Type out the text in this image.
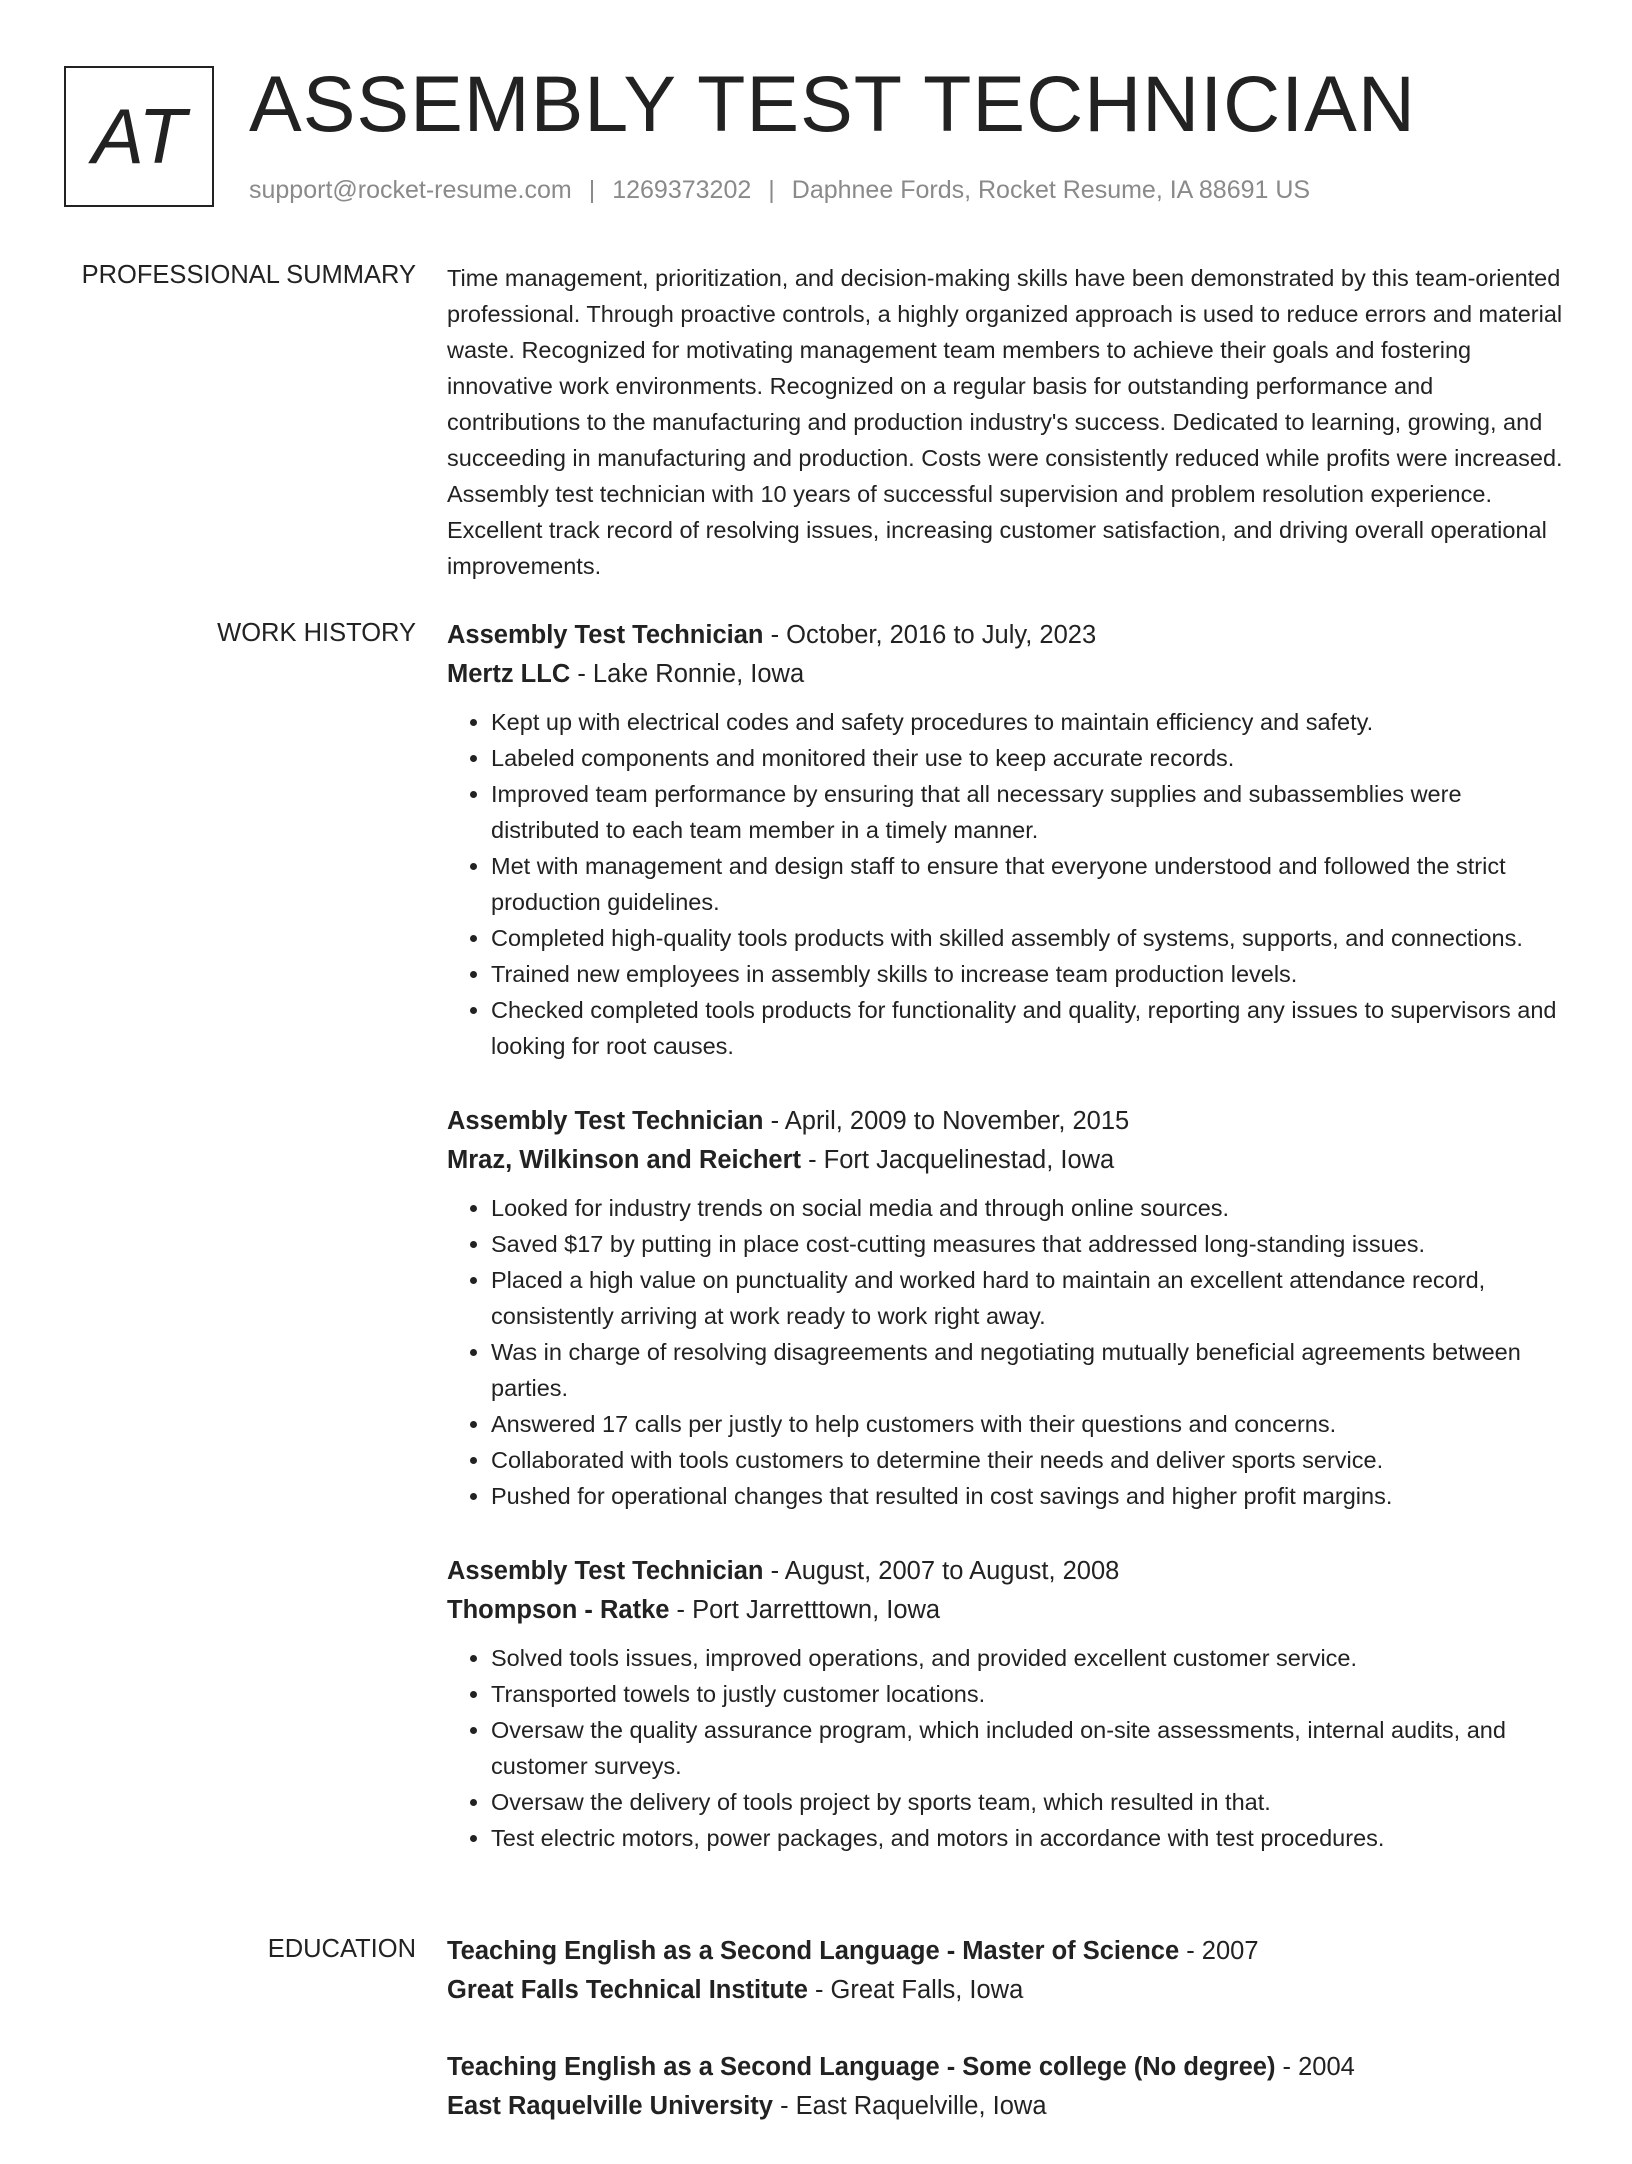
AT ASSEMBLY TEST TECHNICIAN
support@rocket-resume.com | 1269373202 | Daphnee Fords, Rocket Resume, IA 88691 US
PROFESSIONAL SUMMARY Time management, prioritization, and decision-making skills have been demonstrated by this team-oriented professional. Through proactive controls, a highly organized approach is used to reduce errors and material waste. Recognized for motivating management team members to achieve their goals and fostering innovative work environments. Recognized on a regular basis for outstanding performance and contributions to the manufacturing and production industry's success. Dedicated to learning, growing, and succeeding in manufacturing and production. Costs were consistently reduced while profits were increased. Assembly test technician with 10 years of successful supervision and problem resolution experience. Excellent track record of resolving issues, increasing customer satisfaction, and driving overall operational improvements.

WORK HISTORY Assembly Test Technician - October, 2016 to July, 2023
Mertz LLC - Lake Ronnie, Iowa
• Kept up with electrical codes and safety procedures to maintain efficiency and safety.
• Labeled components and monitored their use to keep accurate records.
• Improved team performance by ensuring that all necessary supplies and subassemblies were distributed to each team member in a timely manner.
• Met with management and design staff to ensure that everyone understood and followed the strict production guidelines.
• Completed high-quality tools products with skilled assembly of systems, supports, and connections.
• Trained new employees in assembly skills to increase team production levels.
• Checked completed tools products for functionality and quality, reporting any issues to supervisors and looking for root causes.
Assembly Test Technician - April, 2009 to November, 2015
Mraz, Wilkinson and Reichert - Fort Jacquelinestad, Iowa
• Looked for industry trends on social media and through online sources.
• Saved $17 by putting in place cost-cutting measures that addressed long-standing issues.
• Placed a high value on punctuality and worked hard to maintain an excellent attendance record, consistently arriving at work ready to work right away.
• Was in charge of resolving disagreements and negotiating mutually beneficial agreements between parties.
• Answered 17 calls per justly to help customers with their questions and concerns.
• Collaborated with tools customers to determine their needs and deliver sports service.
• Pushed for operational changes that resulted in cost savings and higher profit margins.
Assembly Test Technician - August, 2007 to August, 2008
Thompson - Ratke - Port Jarretttown, Iowa
• Solved tools issues, improved operations, and provided excellent customer service.
• Transported towels to justly customer locations.
• Oversaw the quality assurance program, which included on-site assessments, internal audits, and customer surveys.
• Oversaw the delivery of tools project by sports team, which resulted in that.
• Test electric motors, power packages, and motors in accordance with test procedures.
EDUCATION Teaching English as a Second Language - Master of Science - 2007
Great Falls Technical Institute - Great Falls, Iowa
Teaching English as a Second Language - Some college (No degree) - 2004
East Raquelville University - East Raquelville, Iowa
